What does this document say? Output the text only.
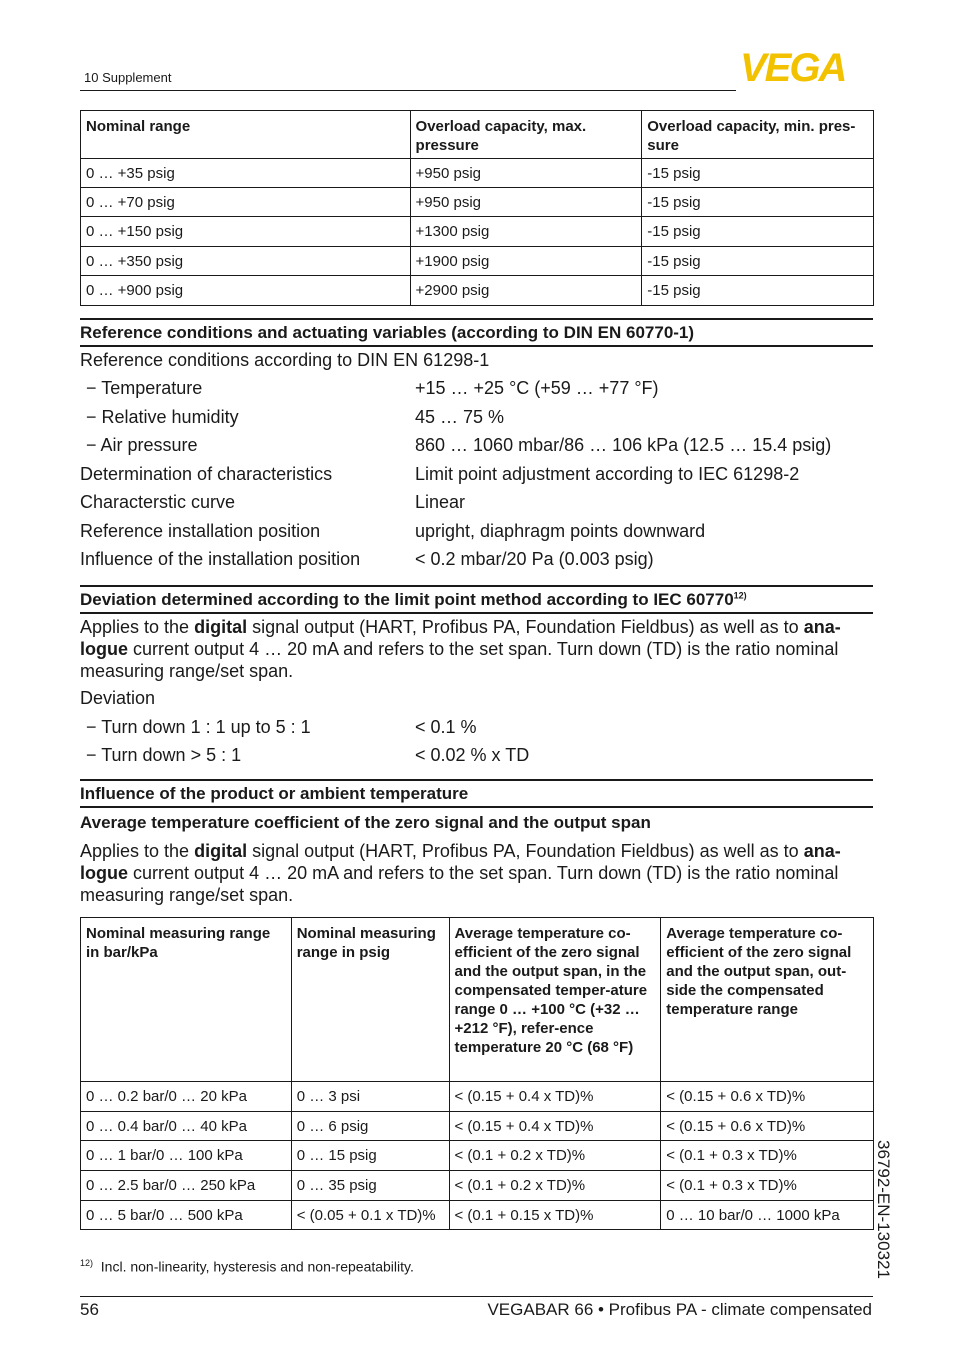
10 Supplement	VEGA
Nominal range	Overload capacity, max. pressure	Overload capacity, min. pres-sure
0 … +35 psig	+950 psig	-15 psig
0 … +70 psig	+950 psig	-15 psig
0 … +150 psig	+1300 psig	-15 psig
0 … +350 psig	+1900 psig	-15 psig
0 … +900 psig	+2900 psig	-15 psig
Reference conditions and actuating variables (according to DIN EN 60770-1)
Reference conditions according to DIN EN 61298-1
− Temperature	+15 … +25 °C (+59 … +77 °F)
− Relative humidity	45 … 75 %
− Air pressure	860 … 1060 mbar/86 … 106 kPa (12.5 … 15.4 psig)
Determination of characteristics	Limit point adjustment according to IEC 61298-2
Characterstic curve	Linear
Reference installation position	upright, diaphragm points downward
Influence of the installation position	< 0.2 mbar/20 Pa (0.003 psig)
Deviation determined according to the limit point method according to IEC 60770$^{12)}$
Applies to the digital signal output (HART, Profibus PA, Foundation Fieldbus) as well as to ana-logue current output 4 … 20 mA and refers to the set span. Turn down (TD) is the ratio nominal measuring range/set span.
Deviation
− Turn down 1 : 1 up to 5 : 1	< 0.1 %
− Turn down > 5 : 1	< 0.02 % x TD
Influence of the product or ambient temperature
Average temperature coefficient of the zero signal and the output span
Applies to the digital signal output (HART, Profibus PA, Foundation Fieldbus) as well as to ana-logue current output 4 … 20 mA and refers to the set span. Turn down (TD) is the ratio nominal measuring range/set span.
Nominal measuring range in bar/kPa	Nominal measuring range in psig	Average temperature co-efficient of the zero signal and the output span, in the compensated temper-ature range 0 … +100 °C (+32 … +212 °F), refer-ence temperature 20 °C (68 °F)	Average temperature co-efficient of the zero signal and the output span, out-side the compensated temperature range
0 … 0.2 bar/0 … 20 kPa	0 … 3 psi	< (0.15 + 0.4 x TD)%	< (0.15 + 0.6 x TD)%
0 … 0.4 bar/0 … 40 kPa	0 … 6 psig	< (0.15 + 0.4 x TD)%	< (0.15 + 0.6 x TD)%
0 … 1 bar/0 … 100 kPa	0 … 15 psig	< (0.1 + 0.2 x TD)%	< (0.1 + 0.3 x TD)%
0 … 2.5 bar/0 … 250 kPa	0 … 35 psig	< (0.1 + 0.2 x TD)%	< (0.1 + 0.3 x TD)%
0 … 5 bar/0 … 500 kPa	< (0.05 + 0.1 x TD)%	< (0.1 + 0.15 x TD)%	0 … 10 bar/0 … 1000 kPa
$^{12)}$ Incl. non-linearity, hysteresis and non-repeatability.
56	VEGABAR 66 • Profibus PA - climate compensated
36792-EN-130321
